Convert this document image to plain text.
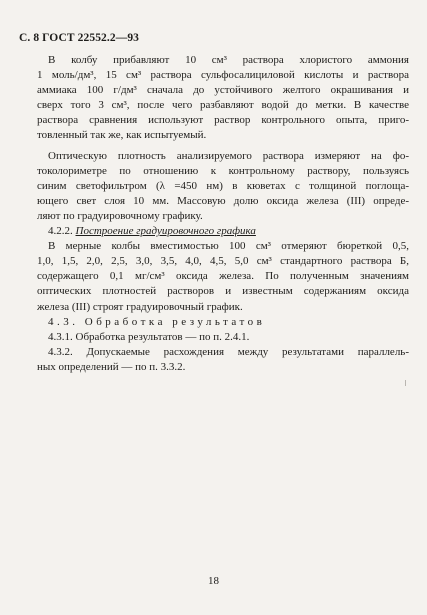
С. 8 ГОСТ 22552.2—93
В колбу прибавляют 10 см³ раствора хлористого аммония
1 моль/дм³, 15 см³ раствора сульфосалициловой кислоты и раствора
аммиака 100 г/дм³ сначала до устойчивого желтого окрашивания и
сверх того 3 см³, после чего разбавляют водой до метки. В качестве
раствора сравнения используют раствор контрольного опыта, приго-
товленный так же, как испытуемый.
Оптическую плотность анализируемого раствора измеряют на фо-
токолориметре по отношению к контрольному раствору, пользуясь
синим светофильтром (λ =450 нм) в кюветах с толщиной поглоща-
ющего свет слоя 10 мм. Массовую долю оксида железа (III) опреде-
ляют по градуировочному графику.
4.2.2. Построение градуировочного графика
В мерные колбы вместимостью 100 см³ отмеряют бюреткой 0,5,
1,0, 1,5, 2,0, 2,5, 3,0, 3,5, 4,0, 4,5, 5,0 см³ стандартного раствора Б,
содержащего 0,1 мг/см³ оксида железа. По полученным значениям
оптических плотностей растворов и известным содержаниям оксида
железа (III) строят градуировочный график.
4.3. Обработка результатов
4.3.1. Обработка результатов — по п. 2.4.1.
4.3.2. Допускаемые расхождения между результатами параллель-
ных определений — по п. 3.3.2.
18
